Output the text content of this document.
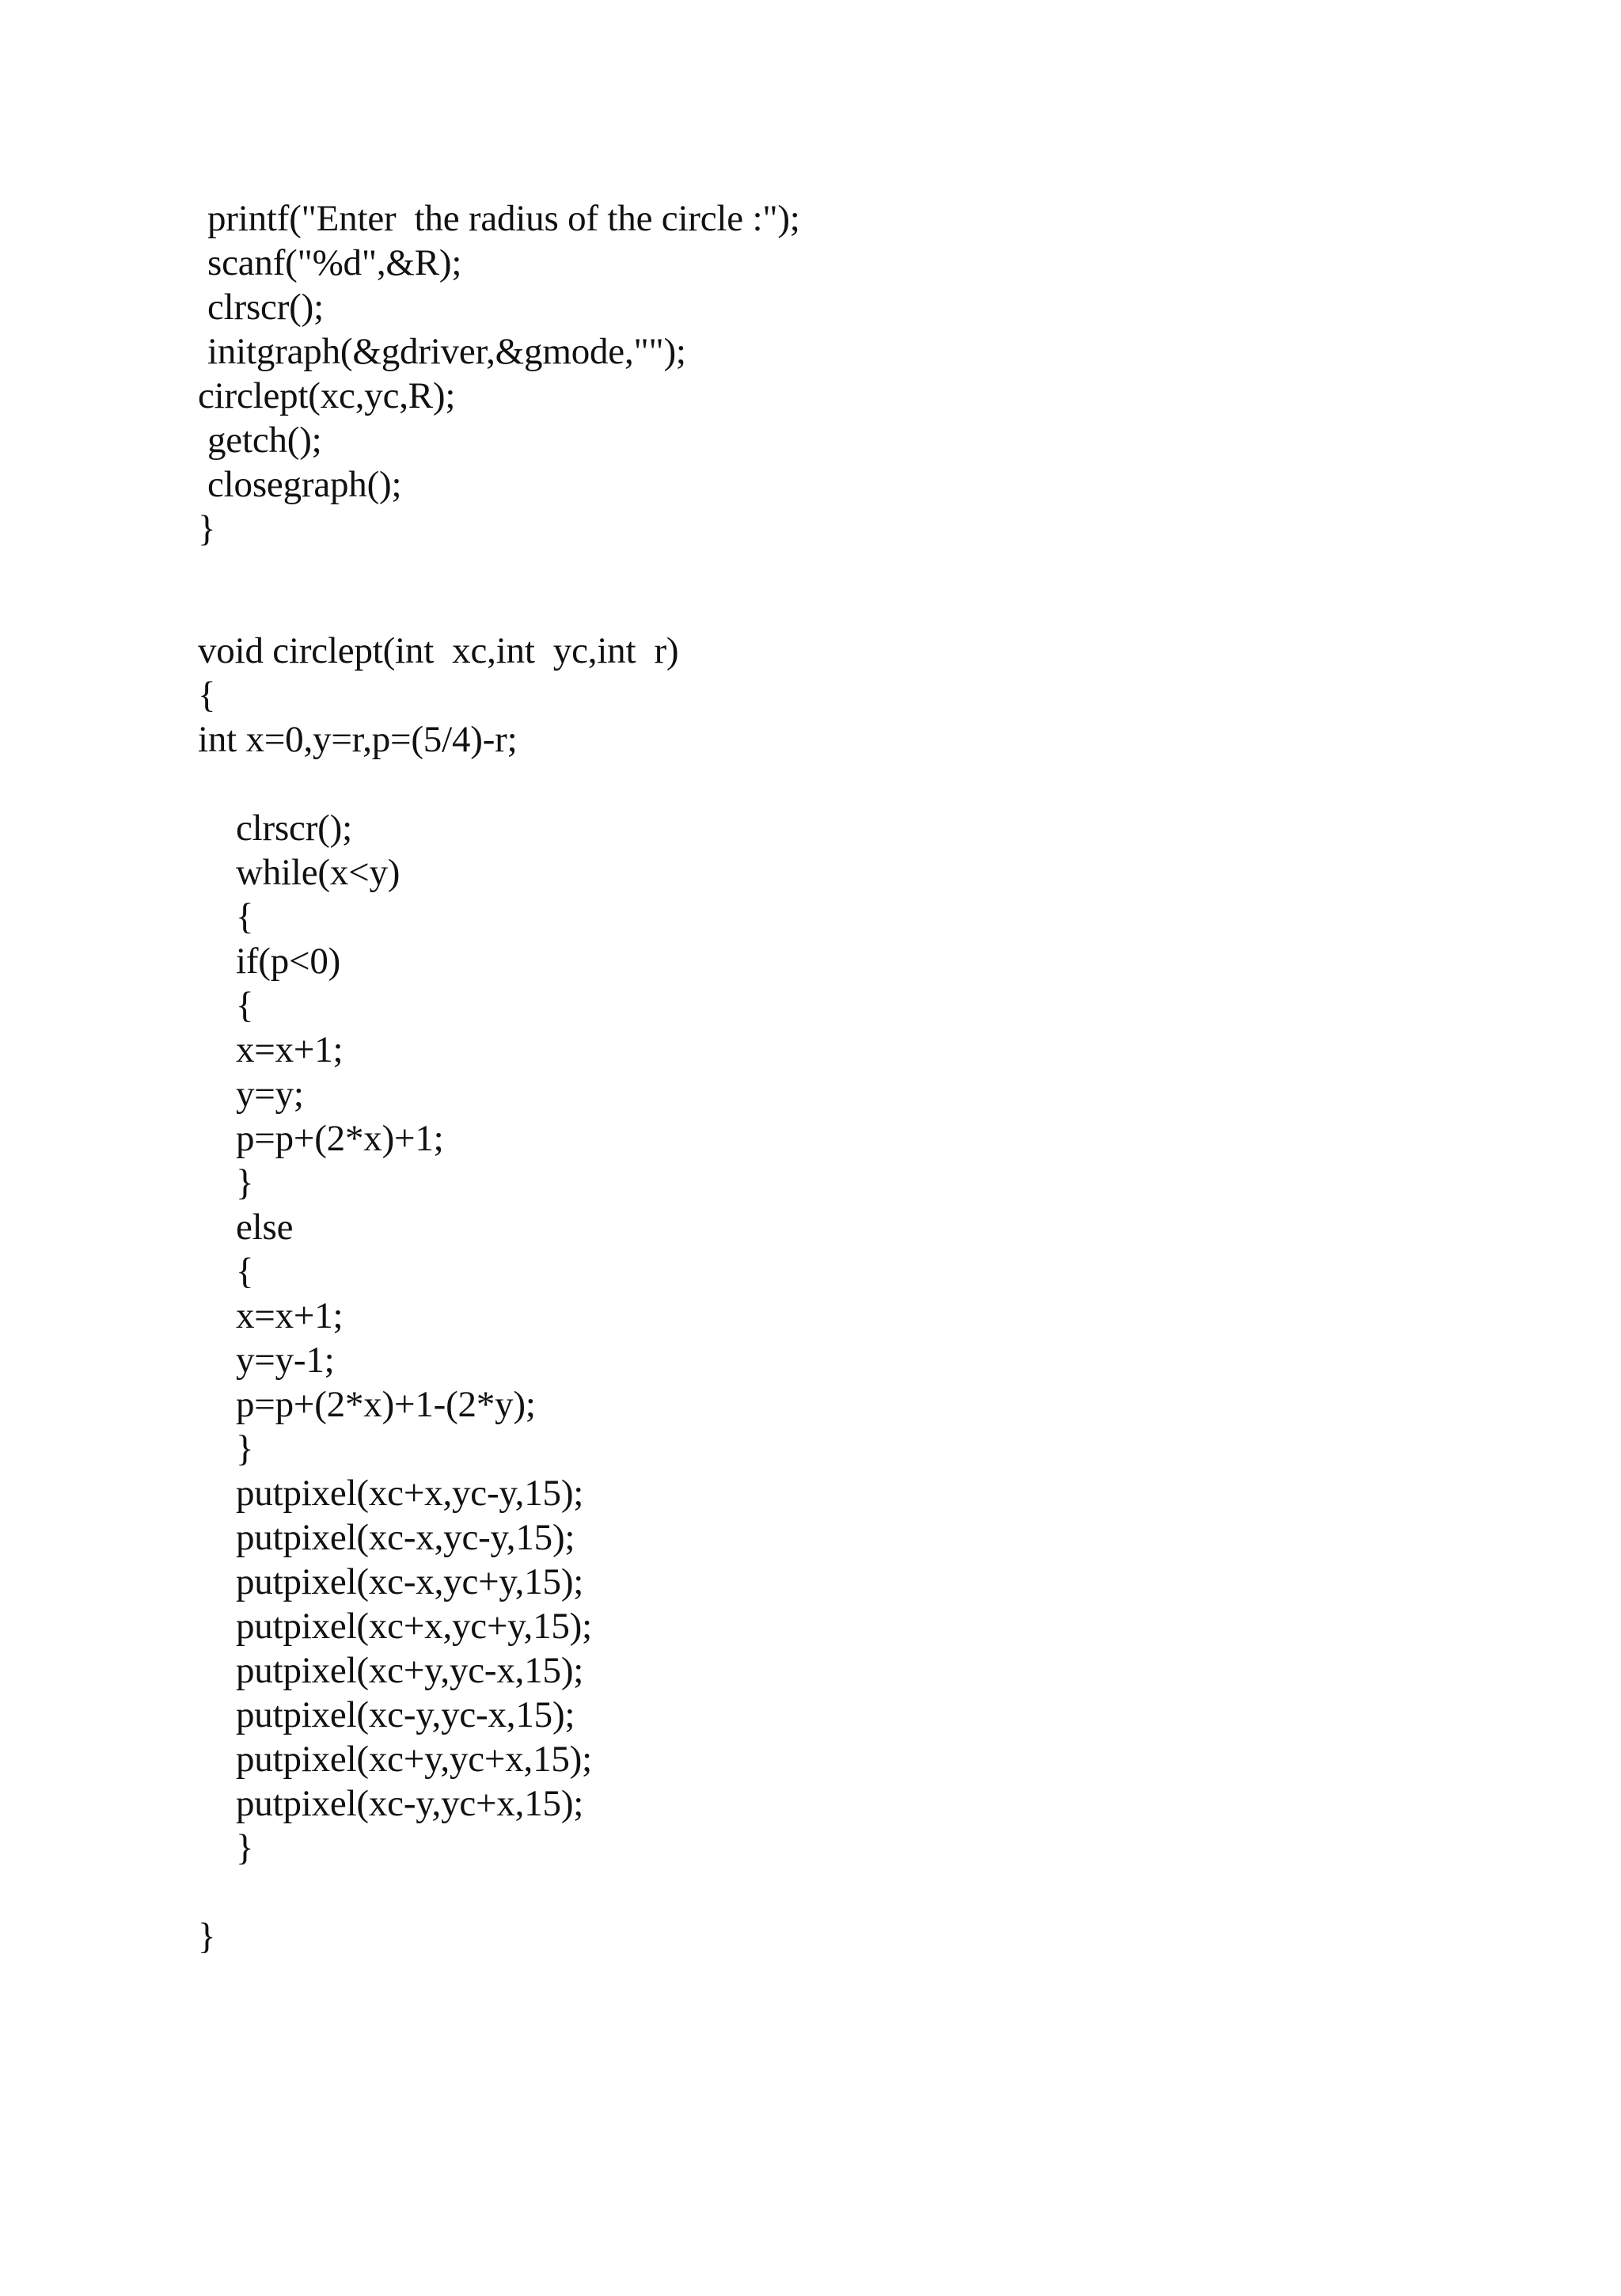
printf("Enter  the radius of the circle :");
scanf("%d",&R);
clrscr();
initgraph(&gdriver,&gmode,"");
circlept(xc,yc,R);
getch();
closegraph();
}
void circlept(int  xc,int  yc,int  r)
{
int x=0,y=r,p=(5/4)-r;
clrscr();
while(x<y)
{
if(p<0)
{
x=x+1;
y=y;
p=p+(2*x)+1;
}
else
{
x=x+1;
y=y-1;
p=p+(2*x)+1-(2*y);
}
putpixel(xc+x,yc-y,15);
putpixel(xc-x,yc-y,15);
putpixel(xc-x,yc+y,15);
putpixel(xc+x,yc+y,15);
putpixel(xc+y,yc-x,15);
putpixel(xc-y,yc-x,15);
putpixel(xc+y,yc+x,15);
putpixel(xc-y,yc+x,15);
}
}
